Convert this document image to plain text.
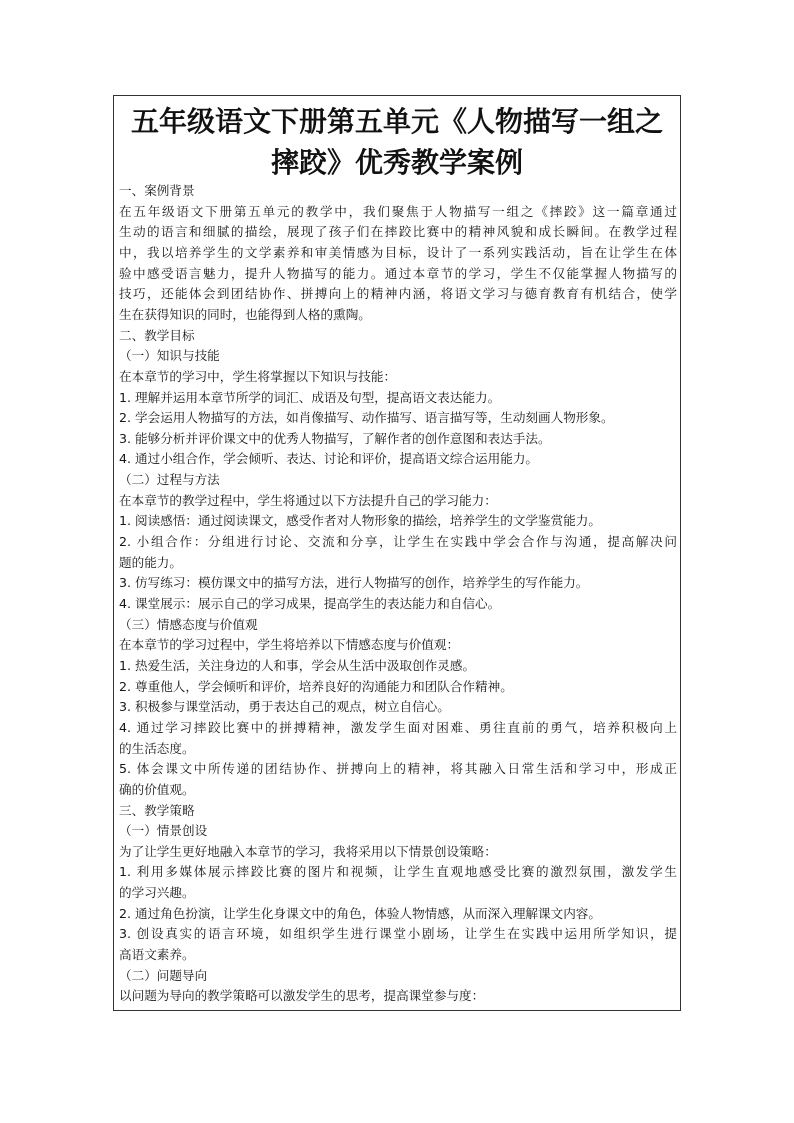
五年级语文下册第五单元《人物描写一组之
摔跤》优秀教学案例
一、案例背景
在五年级语文下册第五单元的教学中，我们聚焦于人物描写一组之《摔跤》这一篇章通过
生动的语言和细腻的描绘，展现了孩子们在摔跤比赛中的精神风貌和成长瞬间。在教学过程
中，我以培养学生的文学素养和审美情感为目标，设计了一系列实践活动，旨在让学生在体
验中感受语言魅力，提升人物描写的能力。通过本章节的学习，学生不仅能掌握人物描写的
技巧，还能体会到团结协作、拼搏向上的精神内涵，将语文学习与德育教育有机结合，使学
生在获得知识的同时，也能得到人格的熏陶。
二、教学目标
（一）知识与技能
在本章节的学习中，学生将掌握以下知识与技能：
1. 理解并运用本章节所学的词汇、成语及句型，提高语文表达能力。
2. 学会运用人物描写的方法，如肖像描写、动作描写、语言描写等，生动刻画人物形象。
3. 能够分析并评价课文中的优秀人物描写，了解作者的创作意图和表达手法。
4. 通过小组合作，学会倾听、表达、讨论和评价，提高语文综合运用能力。
（二）过程与方法
在本章节的教学过程中，学生将通过以下方法提升自己的学习能力：
1. 阅读感悟：通过阅读课文，感受作者对人物形象的描绘，培养学生的文学鉴赏能力。
2. 小组合作：分组进行讨论、交流和分享，让学生在实践中学会合作与沟通，提高解决问
题的能力。
3. 仿写练习：模仿课文中的描写方法，进行人物描写的创作，培养学生的写作能力。
4. 课堂展示：展示自己的学习成果，提高学生的表达能力和自信心。
（三）情感态度与价值观
在本章节的学习过程中，学生将培养以下情感态度与价值观：
1. 热爱生活，关注身边的人和事，学会从生活中汲取创作灵感。
2. 尊重他人，学会倾听和评价，培养良好的沟通能力和团队合作精神。
3. 积极参与课堂活动，勇于表达自己的观点，树立自信心。
4. 通过学习摔跤比赛中的拼搏精神，激发学生面对困难、勇往直前的勇气，培养积极向上
的生活态度。
5. 体会课文中所传递的团结协作、拼搏向上的精神，将其融入日常生活和学习中，形成正
确的价值观。
三、教学策略
（一）情景创设
为了让学生更好地融入本章节的学习，我将采用以下情景创设策略：
1. 利用多媒体展示摔跤比赛的图片和视频，让学生直观地感受比赛的激烈氛围，激发学生
的学习兴趣。
2. 通过角色扮演，让学生化身课文中的角色，体验人物情感，从而深入理解课文内容。
3. 创设真实的语言环境，如组织学生进行课堂小剧场，让学生在实践中运用所学知识，提
高语文素养。
（二）问题导向
以问题为导向的教学策略可以激发学生的思考，提高课堂参与度：
